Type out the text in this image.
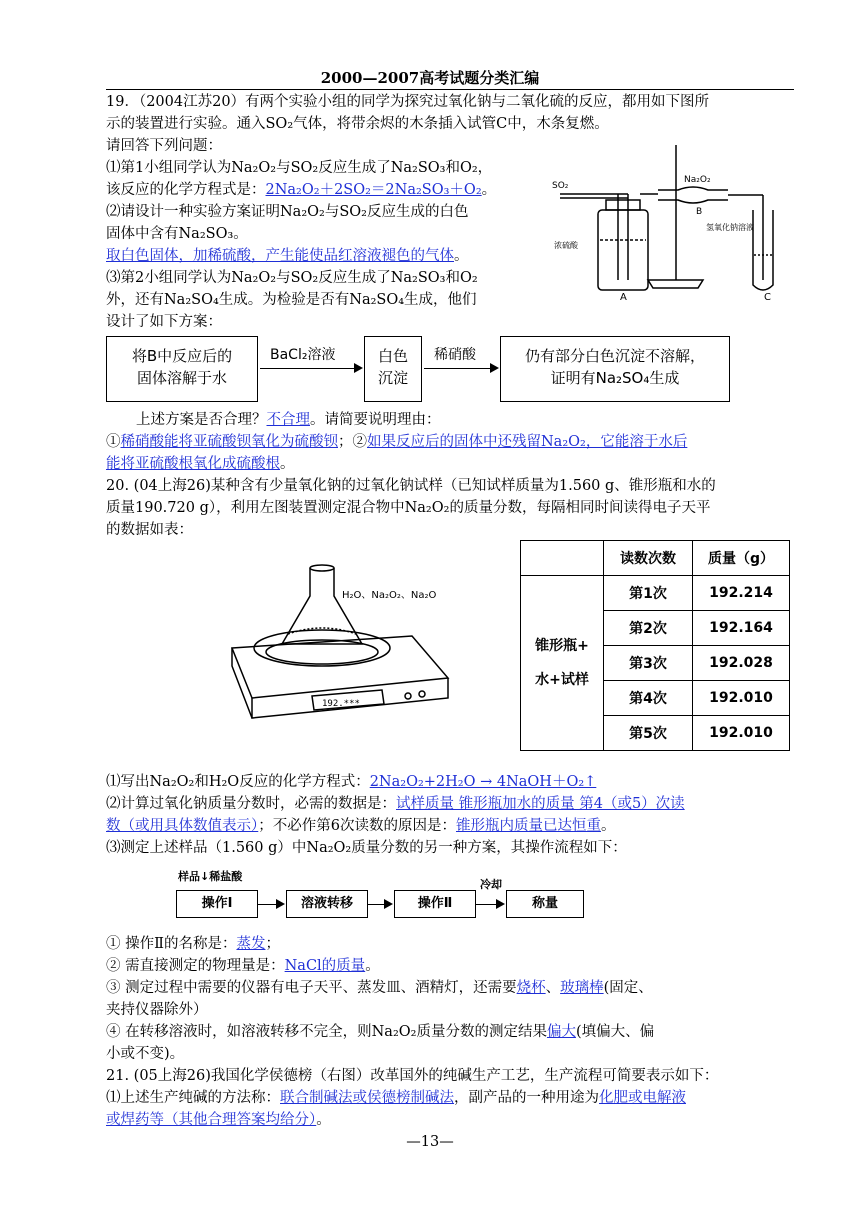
2000—2007高考试题分类汇编
19．（2004江苏20）有两个实验小组的同学为探究过氧化钠与二氧化硫的反应，都用如下图所
示的装置进行实验。通入SO₂气体，将带余烬的木条插入试管C中，木条复燃。
请回答下列问题：
⑴第1小组同学认为Na₂O₂与SO₂反应生成了Na₂SO₃和O₂，
该反应的化学方程式是：2Na₂O₂＋2SO₂＝2Na₂SO₃＋O₂。
⑵请设计一种实验方案证明Na₂O₂与SO₂反应生成的白色
固体中含有Na₂SO₃。
取白色固体，加稀硫酸，产生能使品红溶液褪色的气体。
⑶第2小组同学认为Na₂O₂与SO₂反应生成了Na₂SO₃和O₂
外，还有Na₂SO₄生成。为检验是否有Na₂SO₄生成，他们
设计了如下方案：
SO₂
Na₂O₂
B
A	C
浓硫酸
氢氧化钠溶液
将B中反应后的
固体溶解于水
BaCl₂溶液	白色
沉淀
稀硝酸	仍有部分白色沉淀不溶解，
证明有Na₂SO₄生成
上述方案是否合理？不合理。请简要说明理由：
①稀硝酸能将亚硫酸钡氧化为硫酸钡；②如果反应后的固体中还残留Na₂O₂，它能溶于水后
能将亚硫酸根氧化成硫酸根。
20. (04上海26)某种含有少量氧化钠的过氧化钠试样（已知试样质量为1.560 g、锥形瓶和水的
质量190.720 g），利用左图装置测定混合物中Na₂O₂的质量分数，每隔相同时间读得电子天平
的数据如表：
192.***
H₂O、Na₂O₂、Na₂O
	读数次数	质量（g）

锥形瓶+
水+试样	第1次	192.214
	第2次	192.164
	第3次	192.028
	第4次	192.010
	第5次	192.010
⑴写出Na₂O₂和H₂O反应的化学方程式：2Na₂O₂+2H₂O → 4NaOH＋O₂↑
⑵计算过氧化钠质量分数时，必需的数据是：试样质量 锥形瓶加水的质量 第4（或5）次读
数（或用具体数值表示）；不必作第6次读数的原因是：锥形瓶内质量已达恒重。
⑶测定上述样品（1.560 g）中Na₂O₂质量分数的另一种方案，其操作流程如下：
样品↓稀盐酸
操作Ⅰ	溶液转移	操作Ⅱ
冷却
称量
① 操作Ⅱ的名称是：蒸发；
② 需直接测定的物理量是：NaCl的质量。
③ 测定过程中需要的仪器有电子天平、蒸发皿、酒精灯，还需要烧杯、玻璃棒(固定、
夹持仪器除外）
④ 在转移溶液时，如溶液转移不完全，则Na₂O₂质量分数的测定结果偏大(填偏大、偏
小或不变)。
21. (05上海26)我国化学侯德榜（右图）改革国外的纯碱生产工艺，生产流程可简要表示如下：
⑴上述生产纯碱的方法称：联合制碱法或侯德榜制碱法，副产品的一种用途为化肥或电解液
或焊药等（其他合理答案均给分）。
—13—
